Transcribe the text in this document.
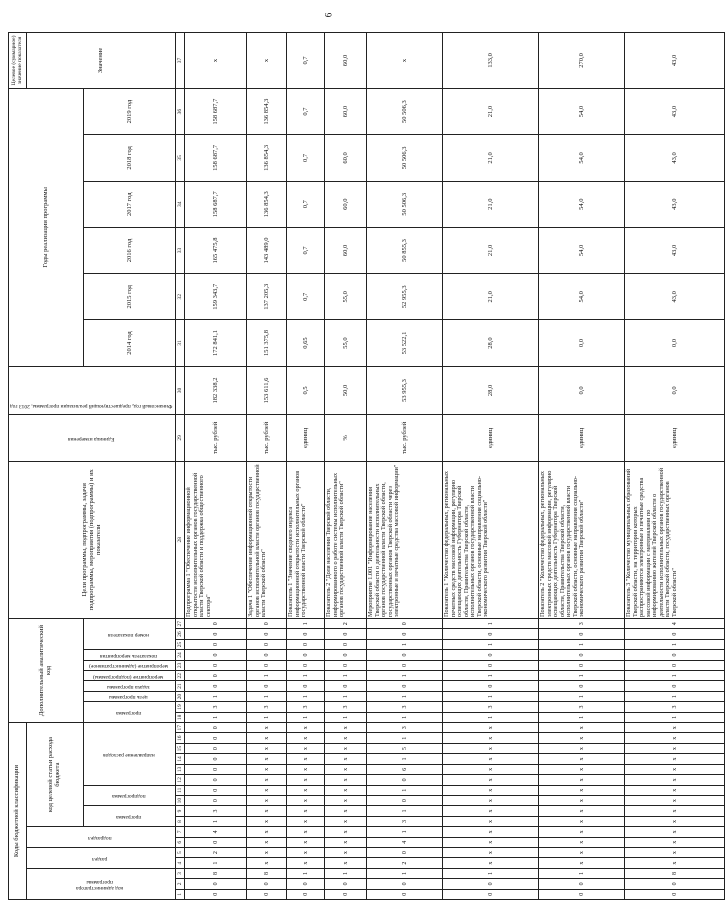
6
Коды бюджетной классификации																	Дополнительный аналитический код										Цели программы, подпрограммы, задачи подпрограммы, мероприятия (подпрограммы) и их показатели	Единица измерения	Финансовый год, предшествующий реализации программы, 2013 год	Годы реализации программы						Целевое (суммарное) значение показателя
код администратора программы			раздел		подраздел		код целевой статьи расхода бюджета																													Значение
							программа		подпрограмма		направление расходов						программа		цель программы	задача программы	мероприятие (подпрограммы)	мероприятие (административное)	показатель мероприятия	номер показателя						2014 год	2015 год	2016 год	2017 год	2018 год	2019 год	
1	2	3	4	5	6	7	8	9	10	11	12	13	14	15	16	17	18	19	20	21	22	23	24	25	26	27	28	29	30	31	32	33	34	35	36	37
0	0	8	1	2	0	4	1	3	0	0	0	0	0	0	0	0	1	3	1	0	0	0	0	0	0	0	Подпрограмма 1 "Обеспечение информационной открытости исполнительных органов государственной власти Тверской области и поддержка общественного сектора"	тыс. рублей	182 338,2	172 841,1	159 343,7	165 475,8	158 687,7	158 687,7	158 687,7	x
0	0	8	x	x	x	x	x	x	x	x	x	x	x	x	x	x	1	3	1	0	1	0	0	0	0	0	Задача 1 "Обеспечение информационной открытости органов исполнительной власти органов государственной власти Тверской области"	тыс. рублей	153 611,6	151 375,8	137 205,3	143 489,0	136 854,3	136 854,3	136 854,3	x
0	0	1	x	x	x	x	x	x	x	x	x	x	x	x	x	x	1	3	1	0	1	0	0	0	0	1	Показатель 1 "Значение сводного индекса информационной открытости исполнительных органов государственной власти Тверской области"	единиц	0,5	0,65	0,7	0,7	0,7	0,7	0,7	0,7
0	0	1	x	x	x	x	x	x	x	x	x	x	x	x	x	x	1	3	1	0	1	0	0	0	0	2	Показатель 2 "Доля населения Тверской области, информированного о работе системы исполнительных органов государственной власти Тверской области"	%	50,0	55,0	55,0	60,0	60,0	60,0	60,0	60,0
0	0	1	2	0	4	1	3	1	0	1	0	6	1	5	1	3	1	3	1	0	1	0	0	1	0	0	Мероприятие 1.001 "Информирование населения Тверской области о деятельности исполнительных органов государственной власти Тверской области, государственных органов Тверской области через электронные и печатные средства массовой информации"	тыс. рублей	53 955,3	53 522,1	52 955,3	50 855,3	50 506,3	50 506,3	50 506,3	x
0	0	1	x	x	x	x	x	x	x	x	x	x	x	x	x	x	1	3	1	0	1	0	0	1	0	1	Показатель 1 "Количество федеральных, региональных печатных средств массовой информации, регулярно освещающих деятельность Губернатора Тверской области, Правительства Тверской области, исполнительных органов государственной власти Тверской области, основные направления социально-экономического развития Тверской области"	единиц	28,0	28,0	21,0	21,0	21,0	21,0	21,0	133,0
0	0	1	x	x	x	x	x	x	x	x	x	x	x	x	x	x	1	3	1	0	1	0	0	1	0	3	Показатель 2 "Количество федеральных, региональных электронных средств массовой информации, регулярно освещающих деятельность Губернатора Тверской области, Правительства Тверской области, исполнительных органов государственной власти Тверской области, основные направления социально-экономического развития Тверской области"	единиц	0,0	0,0	54,0	54,0	54,0	54,0	54,0	270,0
0	0	8	x	x	x	x	x	x	x	x	x	x	x	x	x	x	1	3	1	0	1	0	0	1	0	4	Показатель 3 "Количество муниципальных образований Тверской области, на территории которых распространяются электронные и печатные средства массовой информации с материалами по информированию жителей Тверской области о деятельности исполнительных органов государственной власти Тверской области, государственных органов Тверской области"	единиц	0,0	0,0	43,0	43,0	43,0	43,0	43,0	43,0
